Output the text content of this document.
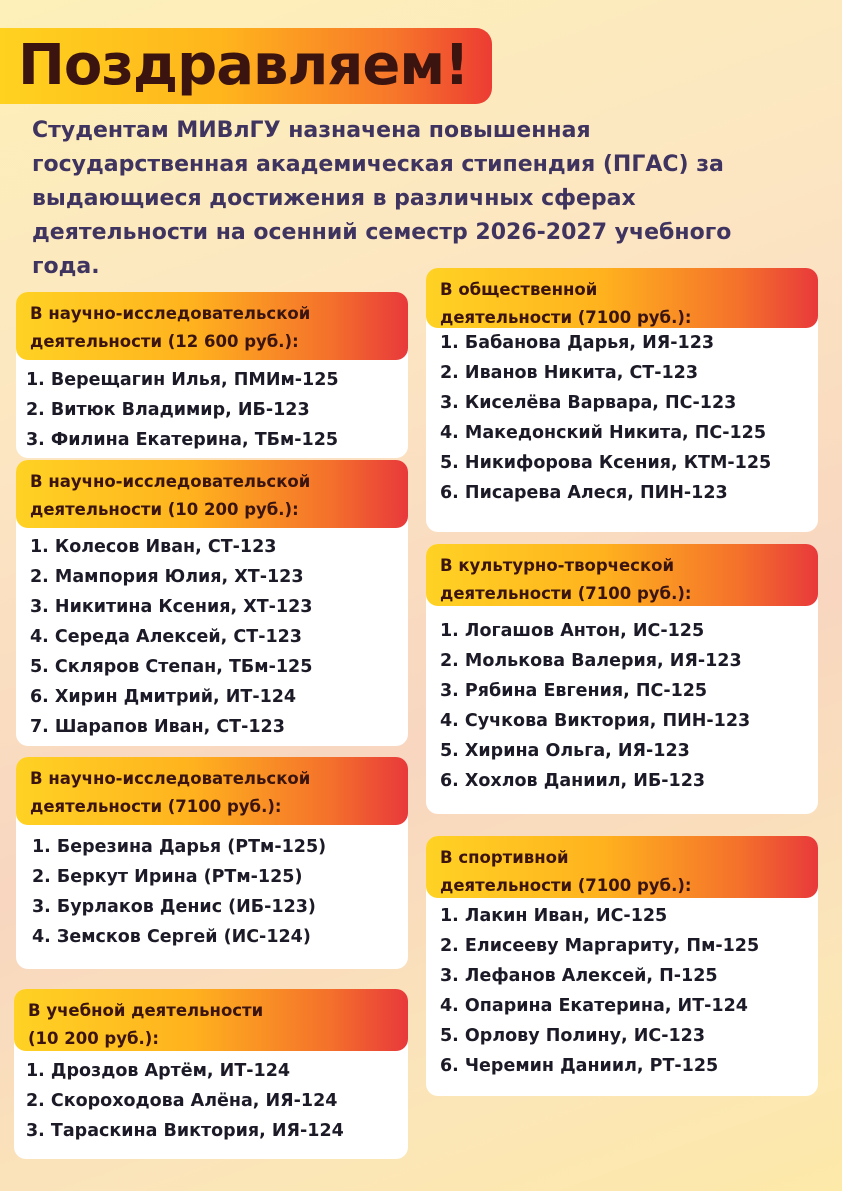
Поздравляем!
Студентам МИВлГУ назначена повышенная государственная академическая стипендия (ПГАС) за выдающиеся достижения в различных сферах деятельности на осенний семестр 2026-2027 учебного года.
В научно-исследовательской
деятельности (12 600 руб.):
1. Верещагин Илья, ПМИм-125
2. Витюк Владимир, ИБ-123
3. Филина Екатерина, ТБм-125
В научно-исследовательской
деятельности (10 200 руб.):
1. Колесов Иван, СТ-123
2. Мампория Юлия, ХТ-123
3. Никитина Ксения, ХТ-123
4. Середа Алексей, СТ-123
5. Скляров Степан, ТБм-125
6. Хирин Дмитрий, ИТ-124
7. Шарапов Иван, СТ-123
В научно-исследовательской
деятельности (7100 руб.):
1. Березина Дарья (РТм-125)
2. Беркут Ирина (РТм-125)
3. Бурлаков Денис (ИБ-123)
4. Земсков Сергей (ИС-124)
В учебной деятельности
(10 200 руб.):
1. Дроздов Артём, ИТ-124
2. Скороходова Алёна, ИЯ-124
3. Тараскина Виктория, ИЯ-124
В общественной
деятельности (7100 руб.):
1. Бабанова Дарья, ИЯ-123
2. Иванов Никита, СТ-123
3. Киселёва Варвара, ПС-123
4. Македонский Никита, ПС-125
5. Никифорова Ксения, КТМ-125
6. Писарева Алеся, ПИН-123
В культурно-творческой
деятельности (7100 руб.):
1. Логашов Антон, ИС-125
2. Молькова Валерия, ИЯ-123
3. Рябина Евгения, ПС-125
4. Сучкова Виктория, ПИН-123
5. Хирина Ольга, ИЯ-123
6. Хохлов Даниил, ИБ-123
В спортивной
деятельности (7100 руб.):
1. Лакин Иван, ИС-125
2. Елисееву Маргариту, Пм-125
3. Лефанов Алексей, П-125
4. Опарина Екатерина, ИТ-124
5. Орлову Полину, ИС-123
6. Черемин Даниил, РТ-125
